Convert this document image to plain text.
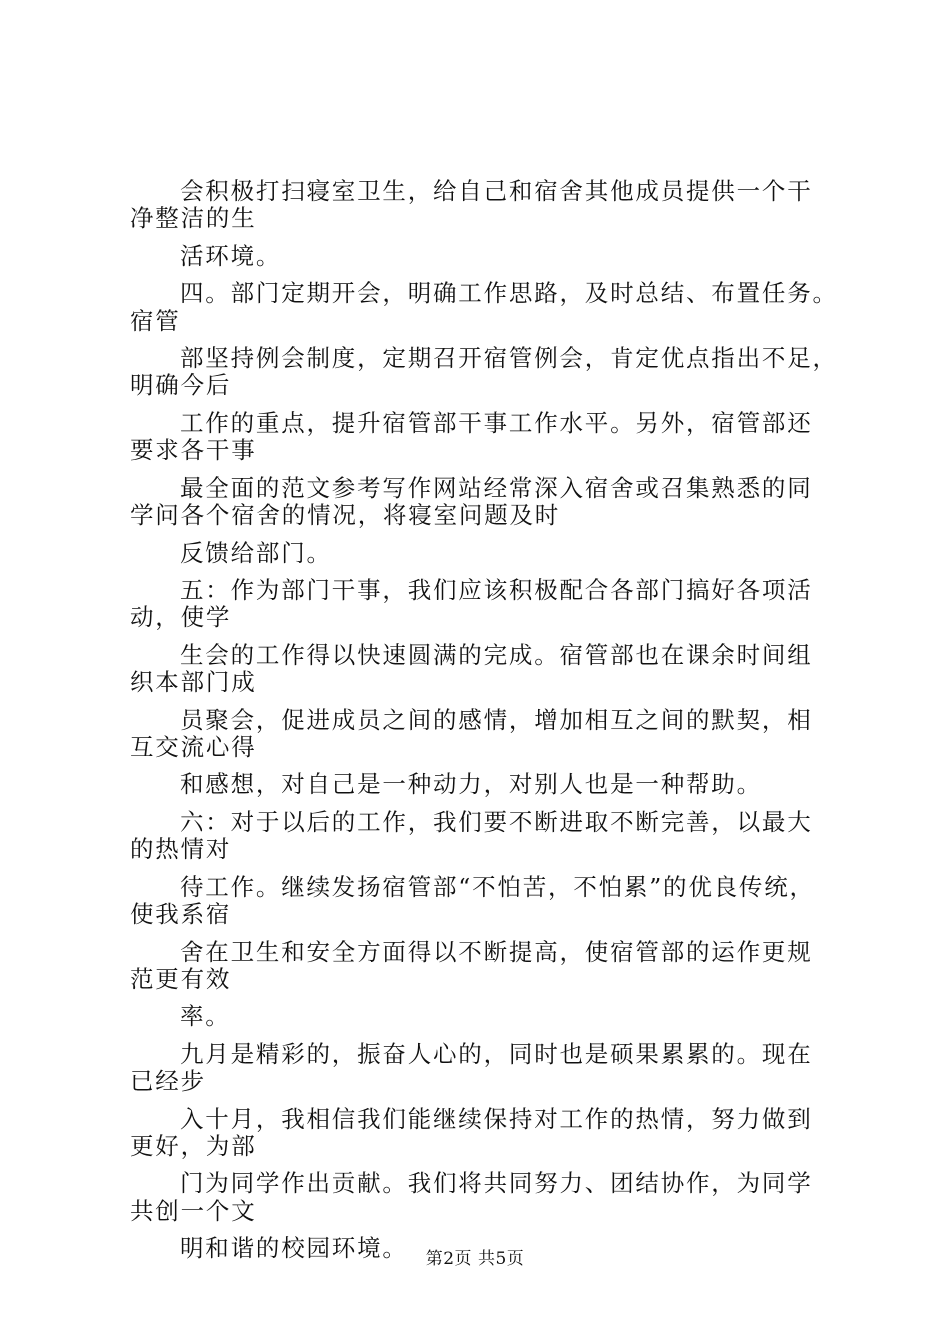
会积极打扫寝室卫生，给自己和宿舍其他成员提供一个干
净整洁的生
活环境。
四。部门定期开会，明确工作思路，及时总结、布置任务。
宿管
部坚持例会制度，定期召开宿管例会，肯定优点指出不足，
明确今后
工作的重点，提升宿管部干事工作水平。另外，宿管部还
要求各干事
最全面的范文参考写作网站经常深入宿舍或召集熟悉的同
学问各个宿舍的情况，将寝室问题及时
反馈给部门。
五：作为部门干事，我们应该积极配合各部门搞好各项活
动，使学
生会的工作得以快速圆满的完成。宿管部也在课余时间组
织本部门成
员聚会，促进成员之间的感情，增加相互之间的默契，相
互交流心得
和感想，对自己是一种动力，对别人也是一种帮助。
六：对于以后的工作，我们要不断进取不断完善，以最大
的热情对
待工作。继续发扬宿管部“不怕苦，不怕累”的优良传统，
使我系宿
舍在卫生和安全方面得以不断提高，使宿管部的运作更规
范更有效
率。
九月是精彩的，振奋人心的，同时也是硕果累累的。现在
已经步
入十月，我相信我们能继续保持对工作的热情，努力做到
更好，为部
门为同学作出贡献。我们将共同努力、团结协作，为同学
共创一个文
明和谐的校园环境。	第2页 共5页
